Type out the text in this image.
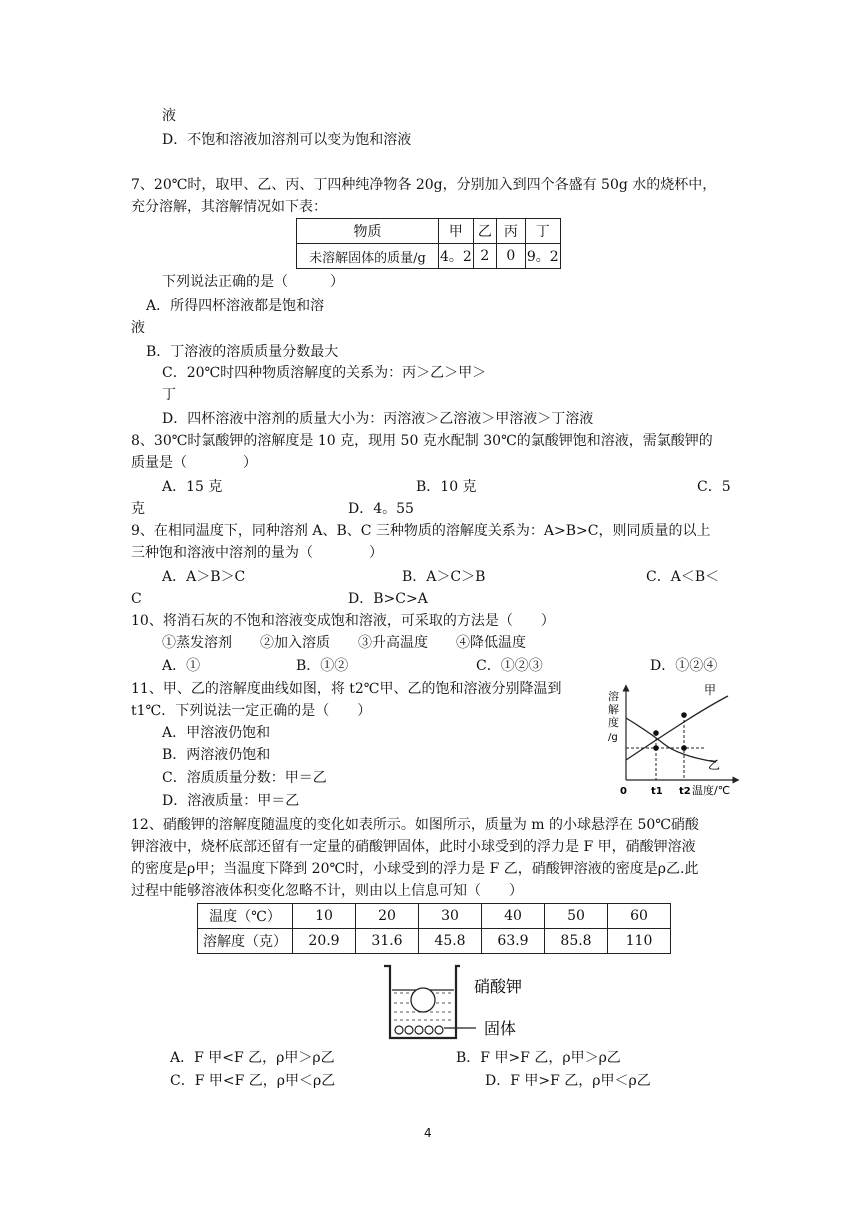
液
D．不饱和溶液加溶剂可以变为饱和溶液
7、20℃时，取甲、乙、丙、丁四种纯净物各 20g，分别加入到四个各盛有 50g 水的烧杯中，
充分溶解，其溶解情况如下表：
物质	甲	乙	丙	丁
未溶解固体的质量/g	4。2	2	0	9。2
下列说法正确的是（　　　）
A．所得四杯溶液都是饱和溶
液
B．丁溶液的溶质质量分数最大
C．20℃时四种物质溶解度的关系为：丙＞乙＞甲＞
丁
D．四杯溶液中溶剂的质量大小为：丙溶液＞乙溶液＞甲溶液＞丁溶液
8、30℃时氯酸钾的溶解度是 10 克，现用 50 克水配制 30℃的氯酸钾饱和溶液，需氯酸钾的
质量是（　　　　）
A．15 克	B．10 克	C．5
克	D．4。55
9、在相同温度下，同种溶剂 A、B、C 三种物质的溶解度关系为：A>B>C，则同质量的以上
三种饱和溶液中溶剂的量为（　　　　）
A．A＞B＞C	B．A＞C＞B	C．A＜B＜
C	D．B>C>A
10、将消石灰的不饱和溶液变成饱和溶液，可采取的方法是（　　）
①蒸发溶剂　　②加入溶质　　③升高温度　　④降低温度
A．①	B．①②	C．①②③	D．①②④
11、甲、乙的溶解度曲线如图，将 t2℃甲、乙的饱和溶液分别降温到
t1℃．下列说法一定正确的是（　　）
A．甲溶液仍饱和
B．两溶液仍饱和
C．溶质质量分数：甲＝乙
D．溶液质量：甲＝乙
溶
解
度
/g
0 t1 t2 温度/℃
甲
乙
12、硝酸钾的溶解度随温度的变化如表所示。如图所示，质量为 m 的小球悬浮在 50℃硝酸
钾溶液中，烧杯底部还留有一定量的硝酸钾固体，此时小球受到的浮力是 F 甲，硝酸钾溶液
的密度是ρ甲；当温度下降到 20℃时，小球受到的浮力是 F 乙，硝酸钾溶液的密度是ρ乙.此
过程中能够溶液体积变化忽略不计，则由以上信息可知（　　）
温度（℃）	10	20	30	40	50	60
溶解度（克）	20.9	31.6	45.8	63.9	85.8	110
硝酸钾
固体
A．F 甲<F 乙，ρ甲＞ρ乙	B．F 甲>F 乙，ρ甲＞ρ乙
C．F 甲<F 乙，ρ甲＜ρ乙	D．F 甲>F 乙，ρ甲＜ρ乙
4
